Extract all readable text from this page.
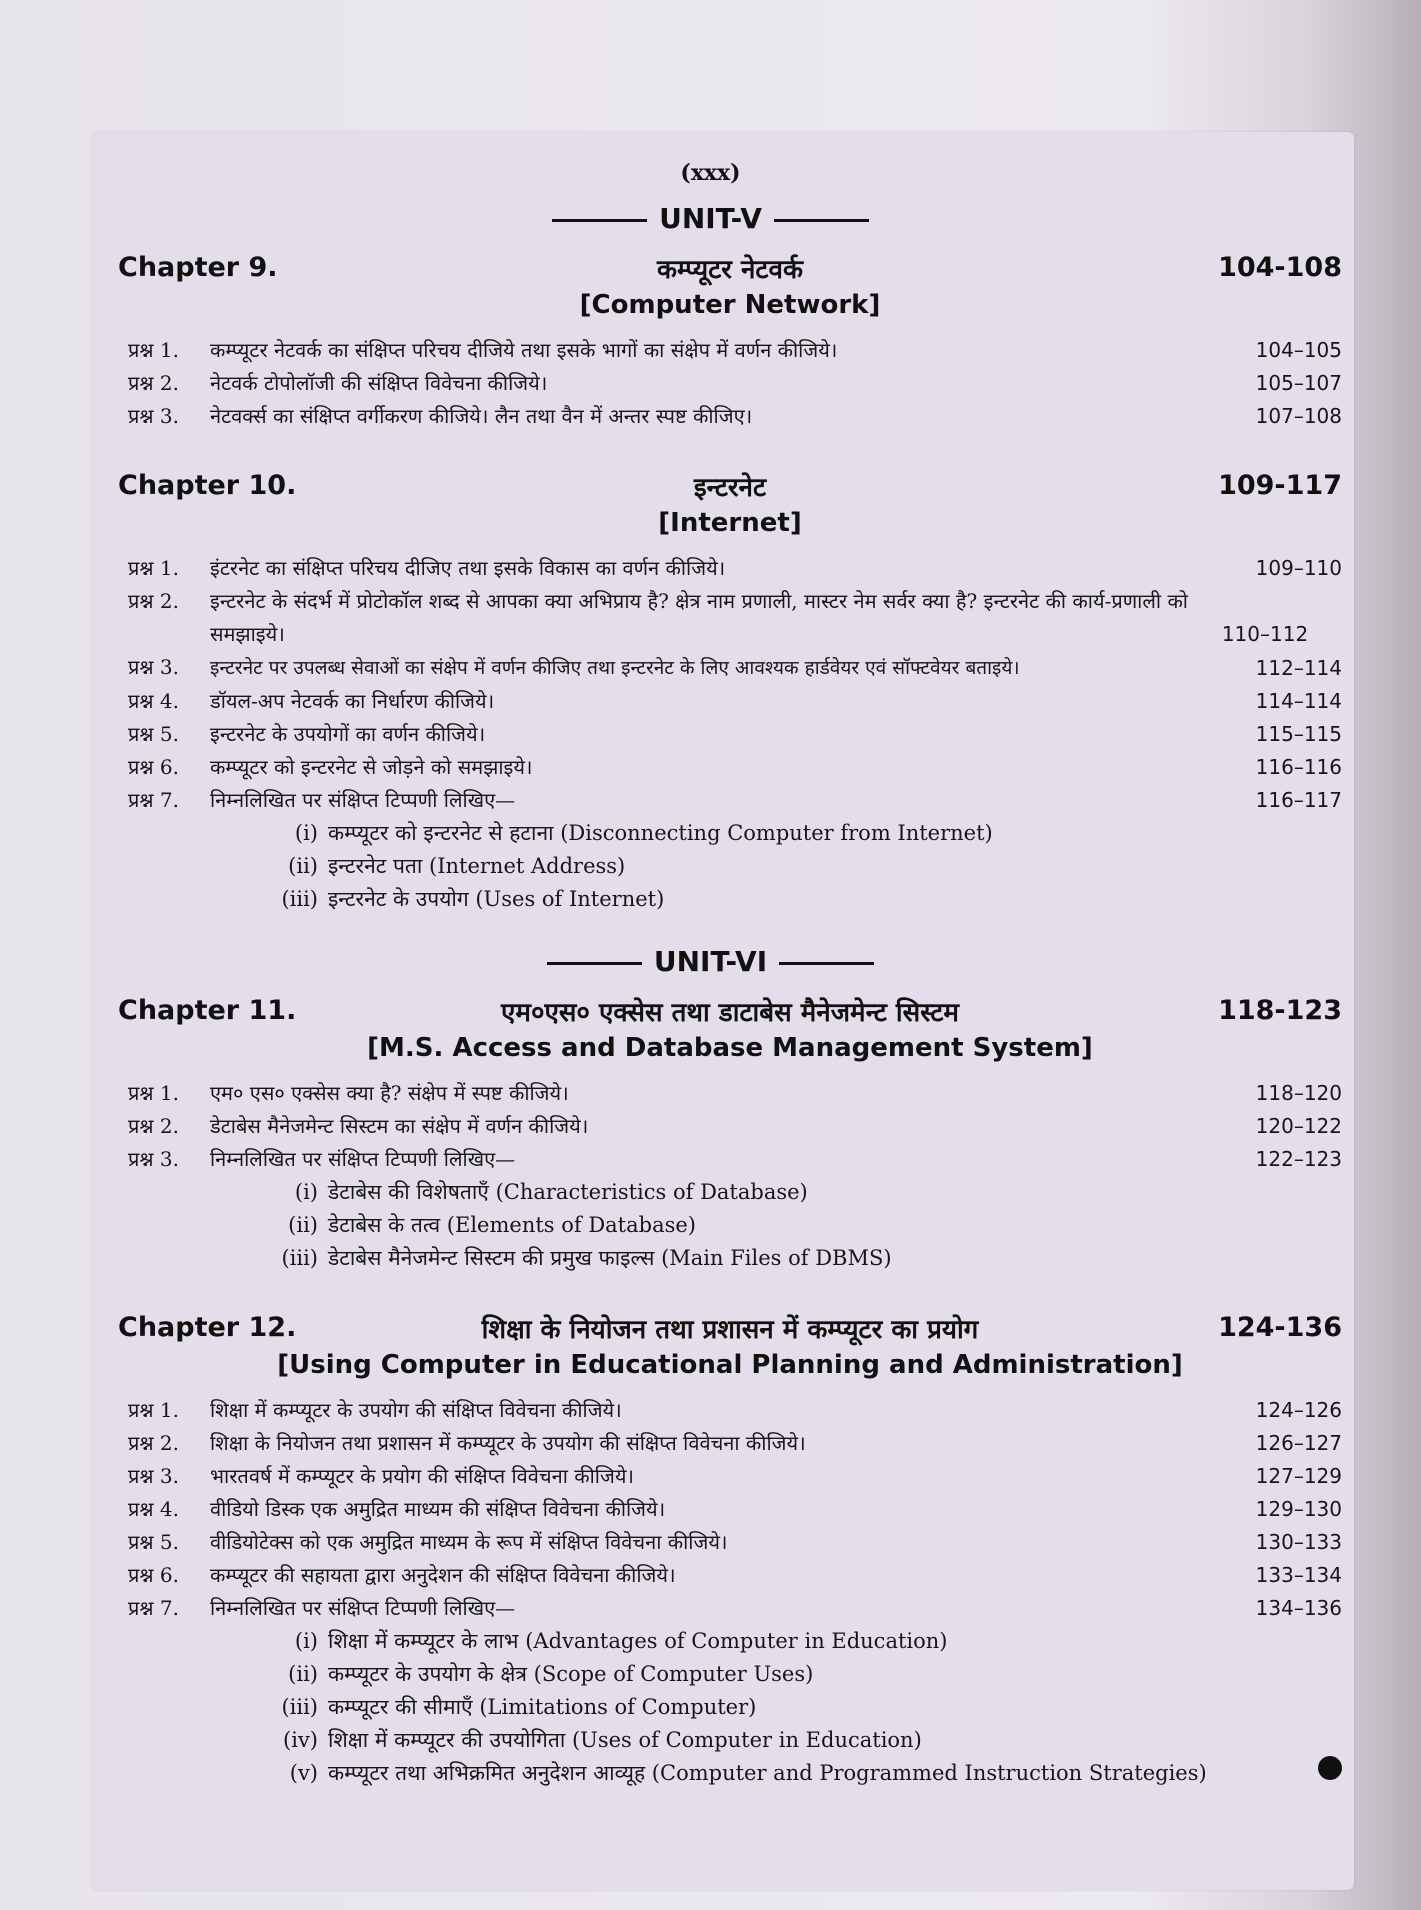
(xxx)
UNIT-V
Chapter 9.	कम्प्यूटर नेटवर्क	104-108
[Computer Network]
प्रश्न 1. कम्प्यूटर नेटवर्क का संक्षिप्त परिचय दीजिये तथा इसके भागों का संक्षेप में वर्णन कीजिये।	104–105
प्रश्न 2. नेटवर्क टोपोलॉजी की संक्षिप्त विवेचना कीजिये।	105–107
प्रश्न 3. नेटवर्क्स का संक्षिप्त वर्गीकरण कीजिये। लैन तथा वैन में अन्तर स्पष्ट कीजिए।	107–108
Chapter 10.	इन्टरनेट	109-117
[Internet]
प्रश्न 1. इंटरनेट का संक्षिप्त परिचय दीजिए तथा इसके विकास का वर्णन कीजिये।	109–110
प्रश्न 2. इन्टरनेट के संदर्भ में प्रोटोकॉल शब्द से आपका क्या अभिप्राय है? क्षेत्र नाम प्रणाली, मास्टर नेम सर्वर क्या है? इन्टरनेट की कार्य-प्रणाली को समझाइये।	110–112
प्रश्न 3. इन्टरनेट पर उपलब्ध सेवाओं का संक्षेप में वर्णन कीजिए तथा इन्टरनेट के लिए आवश्यक हार्डवेयर एवं सॉफ्टवेयर बताइये।	112–114
प्रश्न 4. डॉयल-अप नेटवर्क का निर्धारण कीजिये।	114–114
प्रश्न 5. इन्टरनेट के उपयोगों का वर्णन कीजिये।	115–115
प्रश्न 6. कम्प्यूटर को इन्टरनेट से जोड़ने को समझाइये।	116–116
प्रश्न 7. निम्नलिखित पर संक्षिप्त टिप्पणी लिखिए—	116–117
(i) कम्प्यूटर को इन्टरनेट से हटाना (Disconnecting Computer from Internet)
(ii) इन्टरनेट पता (Internet Address)
(iii) इन्टरनेट के उपयोग (Uses of Internet)
UNIT-VI
Chapter 11.	एम०एस० एक्सेस तथा डाटाबेस मैनेजमेन्ट सिस्टम	118-123
[M.S. Access and Database Management System]
प्रश्न 1. एम० एस० एक्सेस क्या है? संक्षेप में स्पष्ट कीजिये।	118–120
प्रश्न 2. डेटाबेस मैनेजमेन्ट सिस्टम का संक्षेप में वर्णन कीजिये।	120–122
प्रश्न 3. निम्नलिखित पर संक्षिप्त टिप्पणी लिखिए—	122–123
(i) डेटाबेस की विशेषताएँ (Characteristics of Database)
(ii) डेटाबेस के तत्व (Elements of Database)
(iii) डेटाबेस मैनेजमेन्ट सिस्टम की प्रमुख फाइल्स (Main Files of DBMS)
Chapter 12.	शिक्षा के नियोजन तथा प्रशासन में कम्प्यूटर का प्रयोग	124-136
[Using Computer in Educational Planning and Administration]
प्रश्न 1. शिक्षा में कम्प्यूटर के उपयोग की संक्षिप्त विवेचना कीजिये।	124–126
प्रश्न 2. शिक्षा के नियोजन तथा प्रशासन में कम्प्यूटर के उपयोग की संक्षिप्त विवेचना कीजिये।	126–127
प्रश्न 3. भारतवर्ष में कम्प्यूटर के प्रयोग की संक्षिप्त विवेचना कीजिये।	127–129
प्रश्न 4. वीडियो डिस्क एक अमुद्रित माध्यम की संक्षिप्त विवेचना कीजिये।	129–130
प्रश्न 5. वीडियोटेक्स को एक अमुद्रित माध्यम के रूप में संक्षिप्त विवेचना कीजिये।	130–133
प्रश्न 6. कम्प्यूटर की सहायता द्वारा अनुदेशन की संक्षिप्त विवेचना कीजिये।	133–134
प्रश्न 7. निम्नलिखित पर संक्षिप्त टिप्पणी लिखिए—	134–136
(i) शिक्षा में कम्प्यूटर के लाभ (Advantages of Computer in Education)
(ii) कम्प्यूटर के उपयोग के क्षेत्र (Scope of Computer Uses)
(iii) कम्प्यूटर की सीमाएँ (Limitations of Computer)
(iv) शिक्षा में कम्प्यूटर की उपयोगिता (Uses of Computer in Education)
(v) कम्प्यूटर तथा अभिक्रमित अनुदेशन आव्यूह (Computer and Programmed Instruction Strategies)
